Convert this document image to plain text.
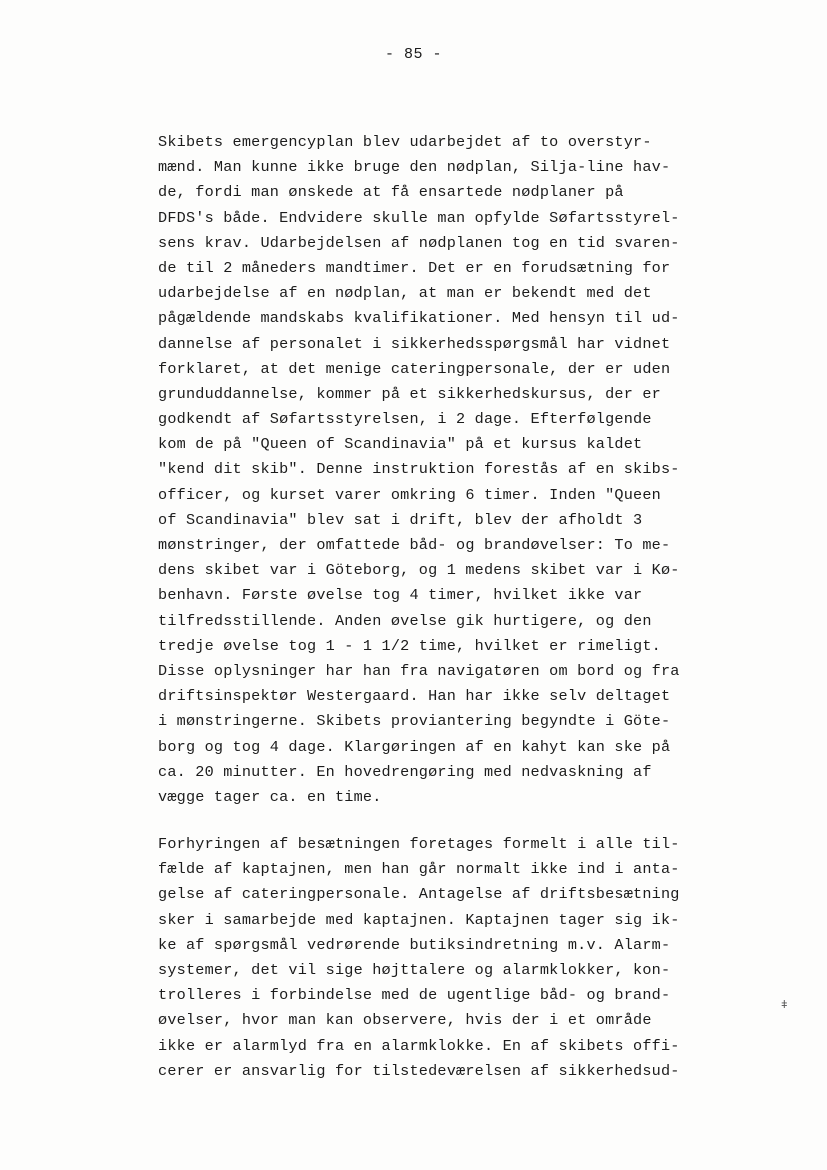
- 85 -
Skibets emergencyplan blev udarbejdet af to overstyr-
mænd. Man kunne ikke bruge den nødplan, Silja-line hav-
de, fordi man ønskede at få ensartede nødplaner på
DFDS's både. Endvidere skulle man opfylde Søfartsstyrel-
sens krav. Udarbejdelsen af nødplanen tog en tid svaren-
de til 2 måneders mandtimer. Det er en forudsætning for
udarbejdelse af en nødplan, at man er bekendt med det
pågældende mandskabs kvalifikationer. Med hensyn til ud-
dannelse af personalet i sikkerhedsspørgsmål har vidnet
forklaret, at det menige cateringpersonale, der er uden
grunduddannelse, kommer på et sikkerhedskursus, der er
godkendt af Søfartsstyrelsen, i 2 dage. Efterfølgende
kom de på "Queen of Scandinavia" på et kursus kaldet
"kend dit skib". Denne instruktion forestås af en skibs-
officer, og kurset varer omkring 6 timer. Inden "Queen
of Scandinavia" blev sat i drift, blev der afholdt 3
mønstringer, der omfattede båd- og brandøvelser: To me-
dens skibet var i Göteborg, og 1 medens skibet var i Kø-
benhavn. Første øvelse tog 4 timer, hvilket ikke var
tilfredsstillende. Anden øvelse gik hurtigere, og den
tredje øvelse tog 1 - 1 1/2 time, hvilket er rimeligt.
Disse oplysninger har han fra navigatøren om bord og fra
driftsinspektør Westergaard. Han har ikke selv deltaget
i mønstringerne. Skibets proviantering begyndte i Göte-
borg og tog 4 dage. Klargøringen af en kahyt kan ske på
ca. 20 minutter. En hovedrengøring med nedvaskning af
vægge tager ca. en time.
Forhyringen af besætningen foretages formelt i alle til-
fælde af kaptajnen, men han går normalt ikke ind i anta-
gelse af cateringpersonale. Antagelse af driftsbesætning
sker i samarbejde med kaptajnen. Kaptajnen tager sig ik-
ke af spørgsmål vedrørende butiksindretning m.v. Alarm-
systemer, det vil sige højttalere og alarmklokker, kon-
trolleres i forbindelse med de ugentlige båd- og brand-
øvelser, hvor man kan observere, hvis der i et område
ikke er alarmlyd fra en alarmklokke. En af skibets offi-
cerer er ansvarlig for tilstedeværelsen af sikkerhedsud-
ǂ
